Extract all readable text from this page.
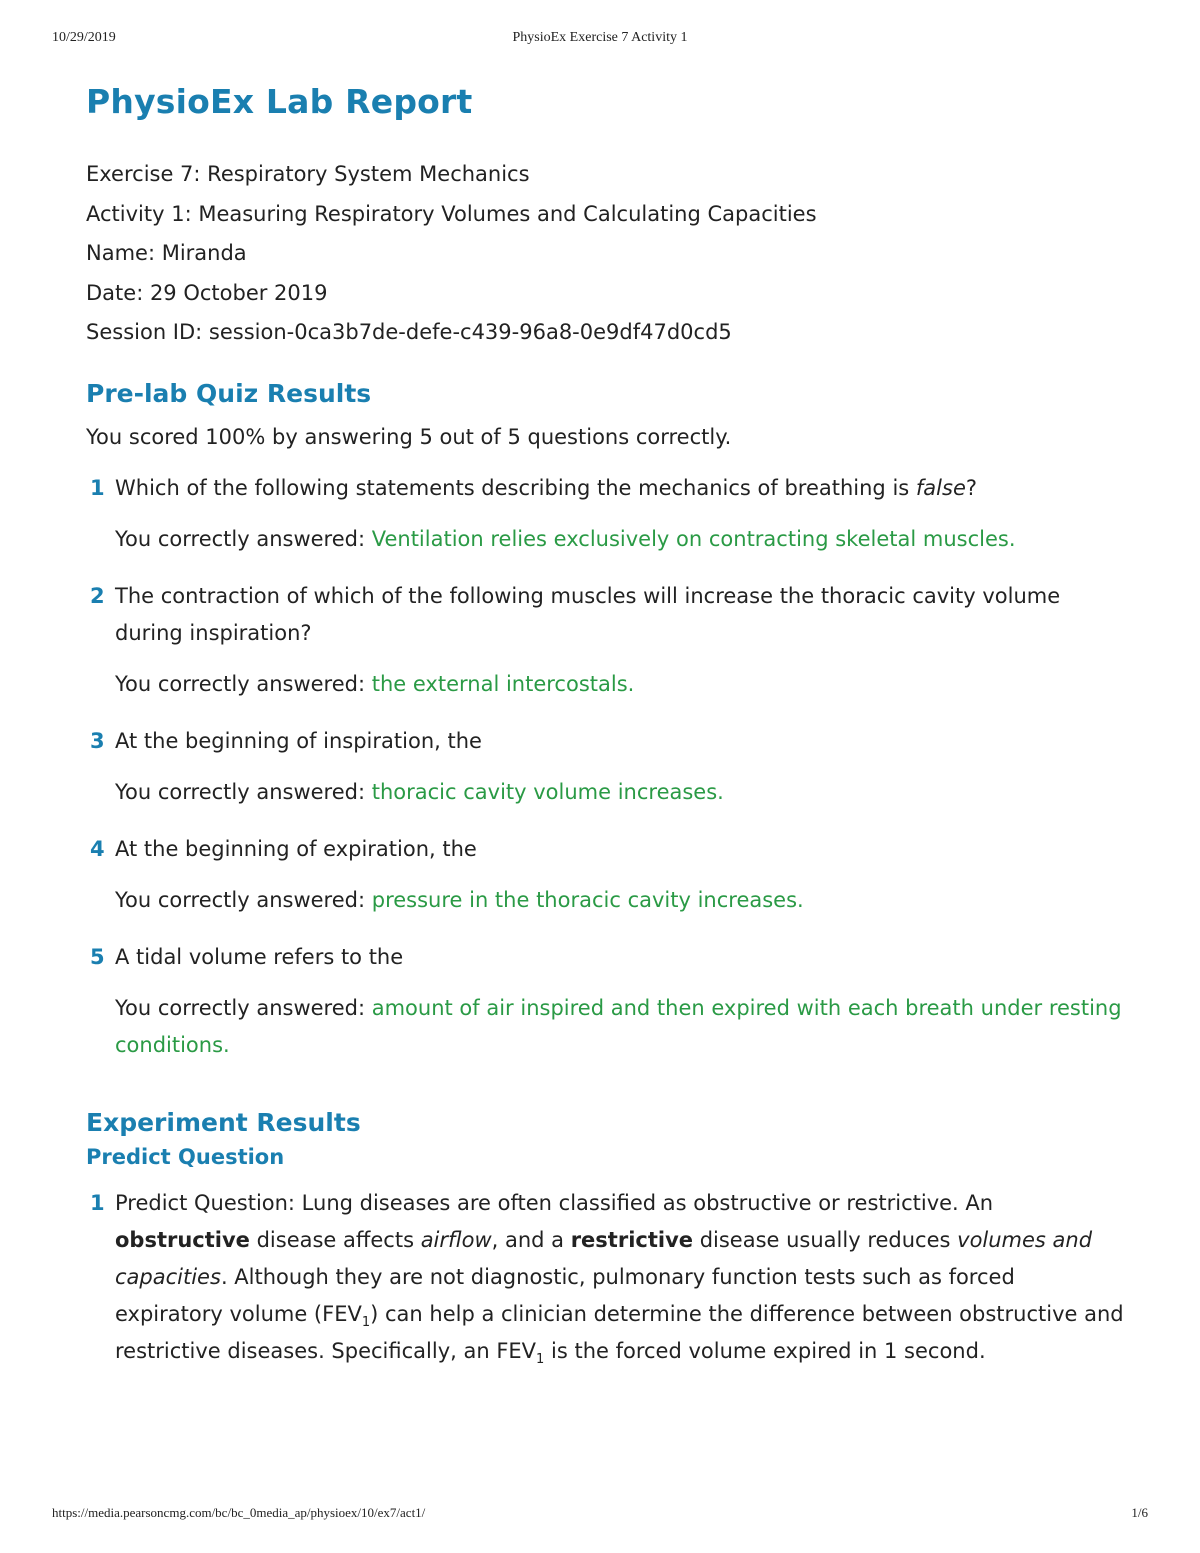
10/29/2019	PhysioEx Exercise 7 Activity 1
PhysioEx Lab Report
Exercise 7: Respiratory System Mechanics
Activity 1: Measuring Respiratory Volumes and Calculating Capacities
Name: Miranda
Date: 29 October 2019
Session ID: session-0ca3b7de-defe-c439-96a8-0e9df47d0cd5
Pre-lab Quiz Results
You scored 100% by answering 5 out of 5 questions correctly.
1 Which of the following statements describing the mechanics of breathing is false?
You correctly answered: Ventilation relies exclusively on contracting skeletal muscles.
2 The contraction of which of the following muscles will increase the thoracic cavity volume during inspiration?
You correctly answered: the external intercostals.
3 At the beginning of inspiration, the
You correctly answered: thoracic cavity volume increases.
4 At the beginning of expiration, the
You correctly answered: pressure in the thoracic cavity increases.
5 A tidal volume refers to the
You correctly answered: amount of air inspired and then expired with each breath under resting conditions.
Experiment Results
Predict Question
1 Predict Question: Lung diseases are often classified as obstructive or restrictive. An obstructive disease affects airflow, and a restrictive disease usually reduces volumes and capacities. Although they are not diagnostic, pulmonary function tests such as forced expiratory volume $(FEV_1)$ can help a clinician determine the difference between obstructive and restrictive diseases. Specifically, an $FEV_1$ is the forced volume expired in 1 second.
https://media.pearsoncmg.com/bc/bc_0media_ap/physioex/10/ex7/act1/	1/6
